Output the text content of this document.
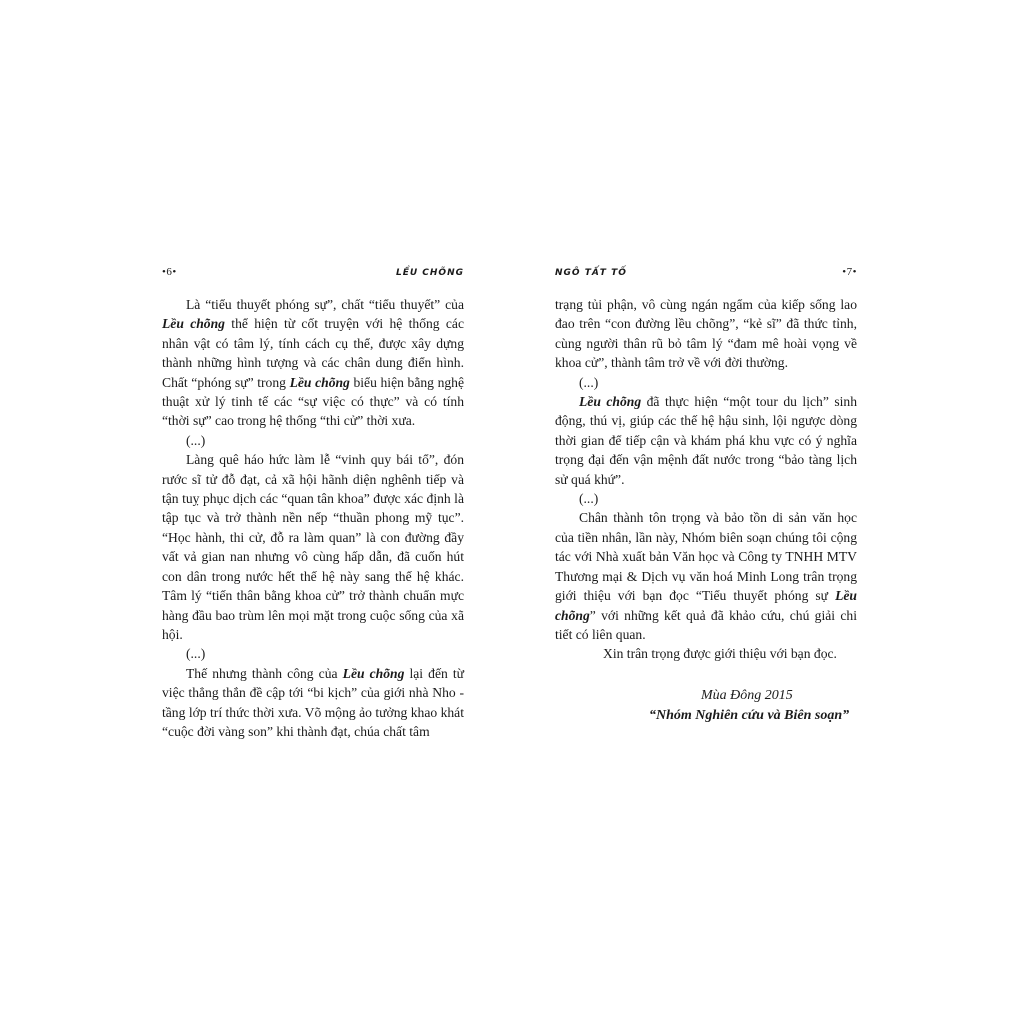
•6•	LỀU CHÕNG

Là “tiểu thuyết phóng sự”, chất “tiểu thuyết” của Lều chõng thể hiện từ cốt truyện với hệ thống các nhân vật có tâm lý, tính cách cụ thể, được xây dựng thành những hình tượng và các chân dung điển hình. Chất “phóng sự” trong Lều chõng biểu hiện bằng nghệ thuật xử lý tinh tế các “sự việc có thực” và có tính “thời sự” cao trong hệ thống “thi cử” thời xưa.

(...)

Làng quê háo hức làm lễ “vinh quy bái tổ”, đón rước sĩ tử đỗ đạt, cả xã hội hãnh diện nghênh tiếp và tận tuỵ phục dịch các “quan tân khoa” được xác định là tập tục và trở thành nền nếp “thuần phong mỹ tục”. “Học hành, thi cử, đỗ ra làm quan” là con đường đầy vất vả gian nan nhưng vô cùng hấp dẫn, đã cuốn hút con dân trong nước hết thế hệ này sang thế hệ khác. Tâm lý “tiến thân bằng khoa cử” trở thành chuẩn mực hàng đầu bao trùm lên mọi mặt trong cuộc sống của xã hội.

(...)

Thế nhưng thành công của Lều chõng lại đến từ việc thẳng thắn đề cập tới “bi kịch” của giới nhà Nho - tầng lớp trí thức thời xưa. Võ mộng ảo tưởng khao khát “cuộc đời vàng son” khi thành đạt, chúa chất tâm

NGÔ TẤT TỐ	•7•

trạng tủi phận, vô cùng ngán ngẩm của kiếp sống lao đao trên “con đường lều chõng”, “kẻ sĩ” đã thức tỉnh, cùng người thân rũ bỏ tâm lý “đam mê hoài vọng về khoa cử”, thành tâm trở về với đời thường.

(...)

Lều chõng đã thực hiện “một tour du lịch” sinh động, thú vị, giúp các thế hệ hậu sinh, lội ngược dòng thời gian để tiếp cận và khám phá khu vực có ý nghĩa trọng đại đến vận mệnh đất nước trong “bảo tàng lịch sử quá khứ”.

(...)

Chân thành tôn trọng và bảo tồn di sản văn học của tiền nhân, lần này, Nhóm biên soạn chúng tôi cộng tác với Nhà xuất bản Văn học và Công ty TNHH MTV Thương mại & Dịch vụ văn hoá Minh Long trân trọng giới thiệu với bạn đọc “Tiểu thuyết phóng sự Lều chõng” với những kết quả đã khảo cứu, chú giải chi tiết có liên quan.

Xin trân trọng được giới thiệu với bạn đọc.

Mùa Đông 2015
“Nhóm Nghiên cứu và Biên soạn”
